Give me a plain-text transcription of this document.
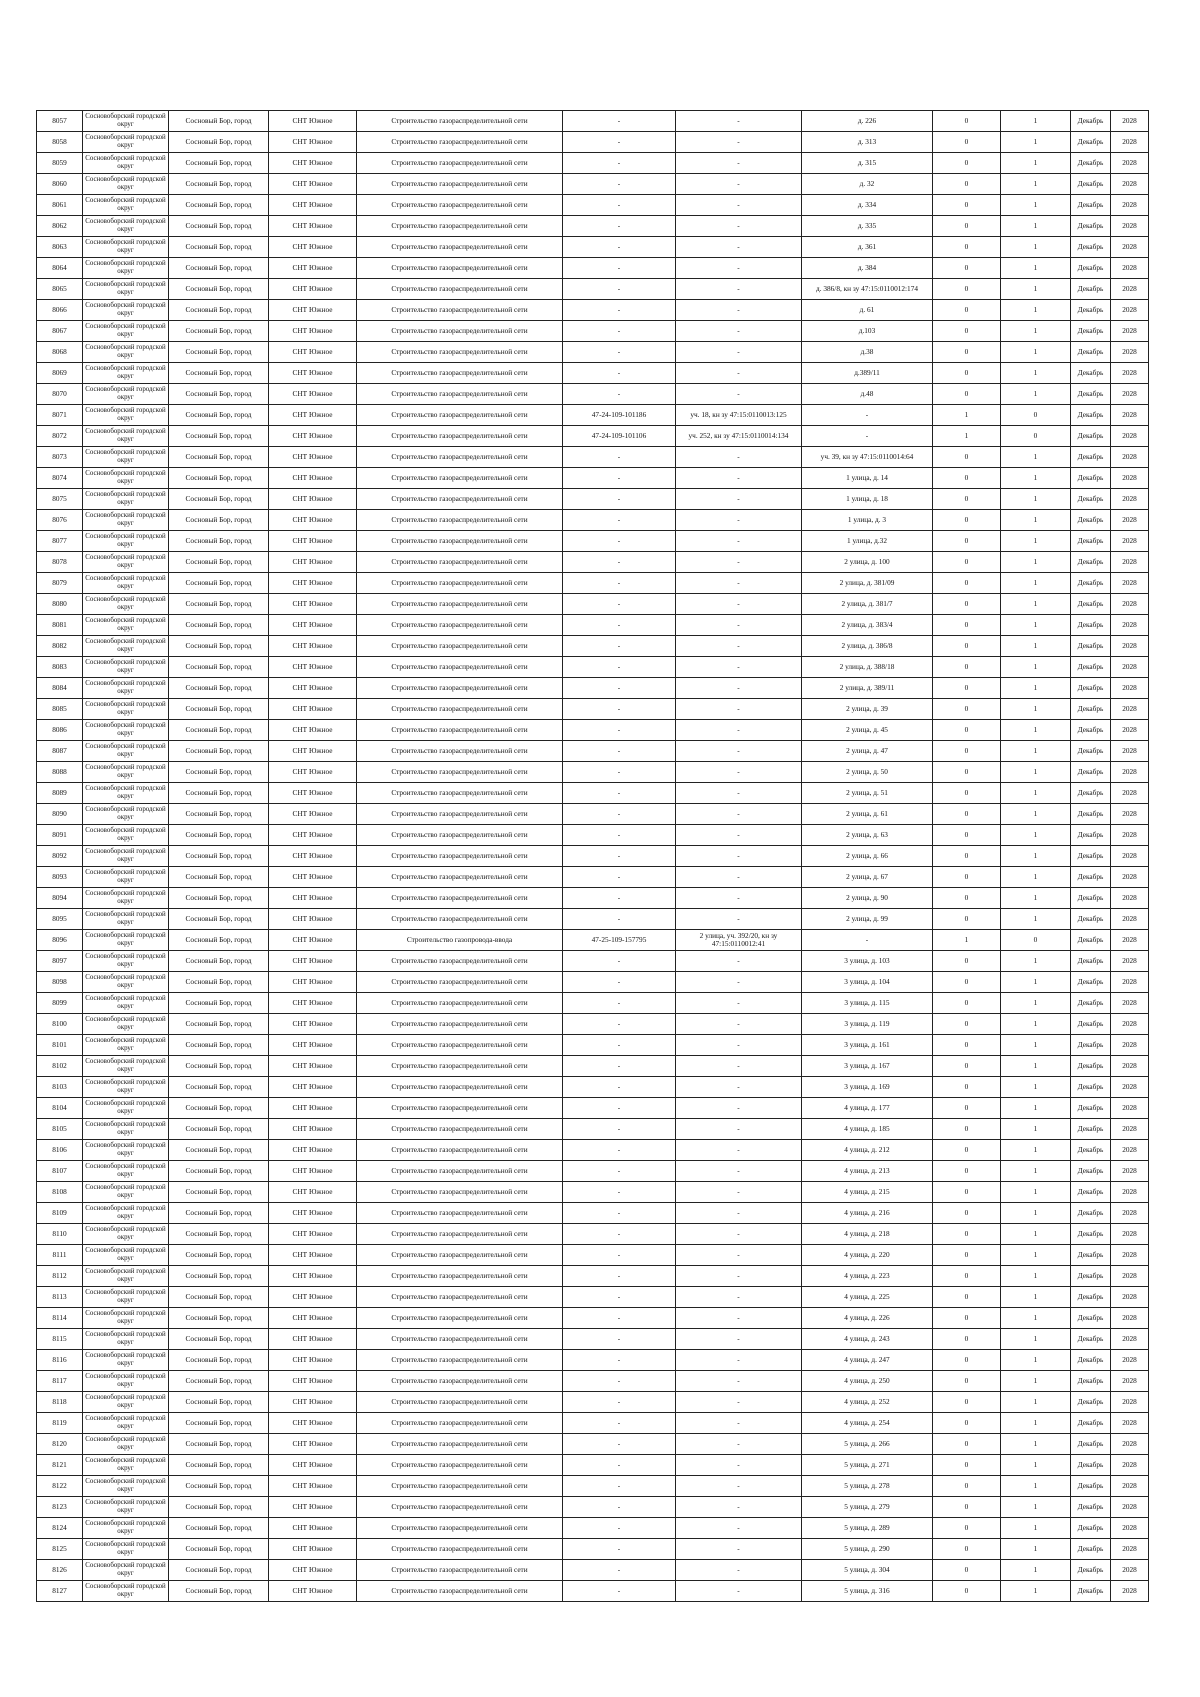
8057	Сосновоборский городской округ	Сосновый Бор, город	СНТ Южное	Строительство газораспределительной сети	-	-	д. 226	0	1	Декабрь	2028
8058	Сосновоборский городской округ	Сосновый Бор, город	СНТ Южное	Строительство газораспределительной сети	-	-	д. 313	0	1	Декабрь	2028
8059	Сосновоборский городской округ	Сосновый Бор, город	СНТ Южное	Строительство газораспределительной сети	-	-	д. 315	0	1	Декабрь	2028
8060	Сосновоборский городской округ	Сосновый Бор, город	СНТ Южное	Строительство газораспределительной сети	-	-	д. 32	0	1	Декабрь	2028
8061	Сосновоборский городской округ	Сосновый Бор, город	СНТ Южное	Строительство газораспределительной сети	-	-	д. 334	0	1	Декабрь	2028
8062	Сосновоборский городской округ	Сосновый Бор, город	СНТ Южное	Строительство газораспределительной сети	-	-	д. 335	0	1	Декабрь	2028
8063	Сосновоборский городской округ	Сосновый Бор, город	СНТ Южное	Строительство газораспределительной сети	-	-	д. 361	0	1	Декабрь	2028
8064	Сосновоборский городской округ	Сосновый Бор, город	СНТ Южное	Строительство газораспределительной сети	-	-	д. 384	0	1	Декабрь	2028
8065	Сосновоборский городской округ	Сосновый Бор, город	СНТ Южное	Строительство газораспределительной сети	-	-	д. 386/8, кн зу 47:15:0110012:174	0	1	Декабрь	2028
8066	Сосновоборский городской округ	Сосновый Бор, город	СНТ Южное	Строительство газораспределительной сети	-	-	д. 61	0	1	Декабрь	2028
8067	Сосновоборский городской округ	Сосновый Бор, город	СНТ Южное	Строительство газораспределительной сети	-	-	д.103	0	1	Декабрь	2028
8068	Сосновоборский городской округ	Сосновый Бор, город	СНТ Южное	Строительство газораспределительной сети	-	-	д.38	0	1	Декабрь	2028
8069	Сосновоборский городской округ	Сосновый Бор, город	СНТ Южное	Строительство газораспределительной сети	-	-	д.389/11	0	1	Декабрь	2028
8070	Сосновоборский городской округ	Сосновый Бор, город	СНТ Южное	Строительство газораспределительной сети	-	-	д.48	0	1	Декабрь	2028
8071	Сосновоборский городской округ	Сосновый Бор, город	СНТ Южное	Строительство газораспределительной сети	47-24-109-101186	уч. 18, кн зу 47:15:0110013:125	-	1	0	Декабрь	2028
8072	Сосновоборский городской округ	Сосновый Бор, город	СНТ Южное	Строительство газораспределительной сети	47-24-109-101106	уч. 252, кн зу 47:15:0110014:134	-	1	0	Декабрь	2028
8073	Сосновоборский городской округ	Сосновый Бор, город	СНТ Южное	Строительство газораспределительной сети	-	-	уч. 39, кн зу 47:15:0110014:64	0	1	Декабрь	2028
8074	Сосновоборский городской округ	Сосновый Бор, город	СНТ Южное	Строительство газораспределительной сети	-	-	1 улица, д. 14	0	1	Декабрь	2028
8075	Сосновоборский городской округ	Сосновый Бор, город	СНТ Южное	Строительство газораспределительной сети	-	-	1 улица, д. 18	0	1	Декабрь	2028
8076	Сосновоборский городской округ	Сосновый Бор, город	СНТ Южное	Строительство газораспределительной сети	-	-	1 улица, д. 3	0	1	Декабрь	2028
8077	Сосновоборский городской округ	Сосновый Бор, город	СНТ Южное	Строительство газораспределительной сети	-	-	1 улица, д.32	0	1	Декабрь	2028
8078	Сосновоборский городской округ	Сосновый Бор, город	СНТ Южное	Строительство газораспределительной сети	-	-	2 улица, д. 100	0	1	Декабрь	2028
8079	Сосновоборский городской округ	Сосновый Бор, город	СНТ Южное	Строительство газораспределительной сети	-	-	2 улица, д. 381/09	0	1	Декабрь	2028
8080	Сосновоборский городской округ	Сосновый Бор, город	СНТ Южное	Строительство газораспределительной сети	-	-	2 улица, д. 381/7	0	1	Декабрь	2028
8081	Сосновоборский городской округ	Сосновый Бор, город	СНТ Южное	Строительство газораспределительной сети	-	-	2 улица, д. 383/4	0	1	Декабрь	2028
8082	Сосновоборский городской округ	Сосновый Бор, город	СНТ Южное	Строительство газораспределительной сети	-	-	2 улица, д. 386/8	0	1	Декабрь	2028
8083	Сосновоборский городской округ	Сосновый Бор, город	СНТ Южное	Строительство газораспределительной сети	-	-	2 улица, д. 388/18	0	1	Декабрь	2028
8084	Сосновоборский городской округ	Сосновый Бор, город	СНТ Южное	Строительство газораспределительной сети	-	-	2 улица, д. 389/11	0	1	Декабрь	2028
8085	Сосновоборский городской округ	Сосновый Бор, город	СНТ Южное	Строительство газораспределительной сети	-	-	2 улица, д. 39	0	1	Декабрь	2028
8086	Сосновоборский городской округ	Сосновый Бор, город	СНТ Южное	Строительство газораспределительной сети	-	-	2 улица, д. 45	0	1	Декабрь	2028
8087	Сосновоборский городской округ	Сосновый Бор, город	СНТ Южное	Строительство газораспределительной сети	-	-	2 улица, д. 47	0	1	Декабрь	2028
8088	Сосновоборский городской округ	Сосновый Бор, город	СНТ Южное	Строительство газораспределительной сети	-	-	2 улица, д. 50	0	1	Декабрь	2028
8089	Сосновоборский городской округ	Сосновый Бор, город	СНТ Южное	Строительство газораспределительной сети	-	-	2 улица, д. 51	0	1	Декабрь	2028
8090	Сосновоборский городской округ	Сосновый Бор, город	СНТ Южное	Строительство газораспределительной сети	-	-	2 улица, д. 61	0	1	Декабрь	2028
8091	Сосновоборский городской округ	Сосновый Бор, город	СНТ Южное	Строительство газораспределительной сети	-	-	2 улица, д. 63	0	1	Декабрь	2028
8092	Сосновоборский городской округ	Сосновый Бор, город	СНТ Южное	Строительство газораспределительной сети	-	-	2 улица, д. 66	0	1	Декабрь	2028
8093	Сосновоборский городской округ	Сосновый Бор, город	СНТ Южное	Строительство газораспределительной сети	-	-	2 улица, д. 67	0	1	Декабрь	2028
8094	Сосновоборский городской округ	Сосновый Бор, город	СНТ Южное	Строительство газораспределительной сети	-	-	2 улица, д. 90	0	1	Декабрь	2028
8095	Сосновоборский городской округ	Сосновый Бор, город	СНТ Южное	Строительство газораспределительной сети	-	-	2 улица, д. 99	0	1	Декабрь	2028
8096	Сосновоборский городской округ	Сосновый Бор, город	СНТ Южное	Строительство газопровода-ввода	47-25-109-157795	2 улица, уч. 392/20, кн зу 47:15:0110012:41	-	1	0	Декабрь	2028
8097	Сосновоборский городской округ	Сосновый Бор, город	СНТ Южное	Строительство газораспределительной сети	-	-	3 улица, д. 103	0	1	Декабрь	2028
8098	Сосновоборский городской округ	Сосновый Бор, город	СНТ Южное	Строительство газораспределительной сети	-	-	3 улица, д. 104	0	1	Декабрь	2028
8099	Сосновоборский городской округ	Сосновый Бор, город	СНТ Южное	Строительство газораспределительной сети	-	-	3 улица, д. 115	0	1	Декабрь	2028
8100	Сосновоборский городской округ	Сосновый Бор, город	СНТ Южное	Строительство газораспределительной сети	-	-	3 улица, д. 119	0	1	Декабрь	2028
8101	Сосновоборский городской округ	Сосновый Бор, город	СНТ Южное	Строительство газораспределительной сети	-	-	3 улица, д. 161	0	1	Декабрь	2028
8102	Сосновоборский городской округ	Сосновый Бор, город	СНТ Южное	Строительство газораспределительной сети	-	-	3 улица, д. 167	0	1	Декабрь	2028
8103	Сосновоборский городской округ	Сосновый Бор, город	СНТ Южное	Строительство газораспределительной сети	-	-	3 улица, д. 169	0	1	Декабрь	2028
8104	Сосновоборский городской округ	Сосновый Бор, город	СНТ Южное	Строительство газораспределительной сети	-	-	4 улица, д. 177	0	1	Декабрь	2028
8105	Сосновоборский городской округ	Сосновый Бор, город	СНТ Южное	Строительство газораспределительной сети	-	-	4 улица, д. 185	0	1	Декабрь	2028
8106	Сосновоборский городской округ	Сосновый Бор, город	СНТ Южное	Строительство газораспределительной сети	-	-	4 улица, д. 212	0	1	Декабрь	2028
8107	Сосновоборский городской округ	Сосновый Бор, город	СНТ Южное	Строительство газораспределительной сети	-	-	4 улица, д. 213	0	1	Декабрь	2028
8108	Сосновоборский городской округ	Сосновый Бор, город	СНТ Южное	Строительство газораспределительной сети	-	-	4 улица, д. 215	0	1	Декабрь	2028
8109	Сосновоборский городской округ	Сосновый Бор, город	СНТ Южное	Строительство газораспределительной сети	-	-	4 улица, д. 216	0	1	Декабрь	2028
8110	Сосновоборский городской округ	Сосновый Бор, город	СНТ Южное	Строительство газораспределительной сети	-	-	4 улица, д. 218	0	1	Декабрь	2028
8111	Сосновоборский городской округ	Сосновый Бор, город	СНТ Южное	Строительство газораспределительной сети	-	-	4 улица, д. 220	0	1	Декабрь	2028
8112	Сосновоборский городской округ	Сосновый Бор, город	СНТ Южное	Строительство газораспределительной сети	-	-	4 улица, д. 223	0	1	Декабрь	2028
8113	Сосновоборский городской округ	Сосновый Бор, город	СНТ Южное	Строительство газораспределительной сети	-	-	4 улица, д. 225	0	1	Декабрь	2028
8114	Сосновоборский городской округ	Сосновый Бор, город	СНТ Южное	Строительство газораспределительной сети	-	-	4 улица, д. 226	0	1	Декабрь	2028
8115	Сосновоборский городской округ	Сосновый Бор, город	СНТ Южное	Строительство газораспределительной сети	-	-	4 улица, д. 243	0	1	Декабрь	2028
8116	Сосновоборский городской округ	Сосновый Бор, город	СНТ Южное	Строительство газораспределительной сети	-	-	4 улица, д. 247	0	1	Декабрь	2028
8117	Сосновоборский городской округ	Сосновый Бор, город	СНТ Южное	Строительство газораспределительной сети	-	-	4 улица, д. 250	0	1	Декабрь	2028
8118	Сосновоборский городской округ	Сосновый Бор, город	СНТ Южное	Строительство газораспределительной сети	-	-	4 улица, д. 252	0	1	Декабрь	2028
8119	Сосновоборский городской округ	Сосновый Бор, город	СНТ Южное	Строительство газораспределительной сети	-	-	4 улица, д. 254	0	1	Декабрь	2028
8120	Сосновоборский городской округ	Сосновый Бор, город	СНТ Южное	Строительство газораспределительной сети	-	-	5 улица, д. 266	0	1	Декабрь	2028
8121	Сосновоборский городской округ	Сосновый Бор, город	СНТ Южное	Строительство газораспределительной сети	-	-	5 улица, д. 271	0	1	Декабрь	2028
8122	Сосновоборский городской округ	Сосновый Бор, город	СНТ Южное	Строительство газораспределительной сети	-	-	5 улица, д. 278	0	1	Декабрь	2028
8123	Сосновоборский городской округ	Сосновый Бор, город	СНТ Южное	Строительство газораспределительной сети	-	-	5 улица, д. 279	0	1	Декабрь	2028
8124	Сосновоборский городской округ	Сосновый Бор, город	СНТ Южное	Строительство газораспределительной сети	-	-	5 улица, д. 289	0	1	Декабрь	2028
8125	Сосновоборский городской округ	Сосновый Бор, город	СНТ Южное	Строительство газораспределительной сети	-	-	5 улица, д. 290	0	1	Декабрь	2028
8126	Сосновоборский городской округ	Сосновый Бор, город	СНТ Южное	Строительство газораспределительной сети	-	-	5 улица, д. 304	0	1	Декабрь	2028
8127	Сосновоборский городской округ	Сосновый Бор, город	СНТ Южное	Строительство газораспределительной сети	-	-	5 улица, д. 316	0	1	Декабрь	2028
